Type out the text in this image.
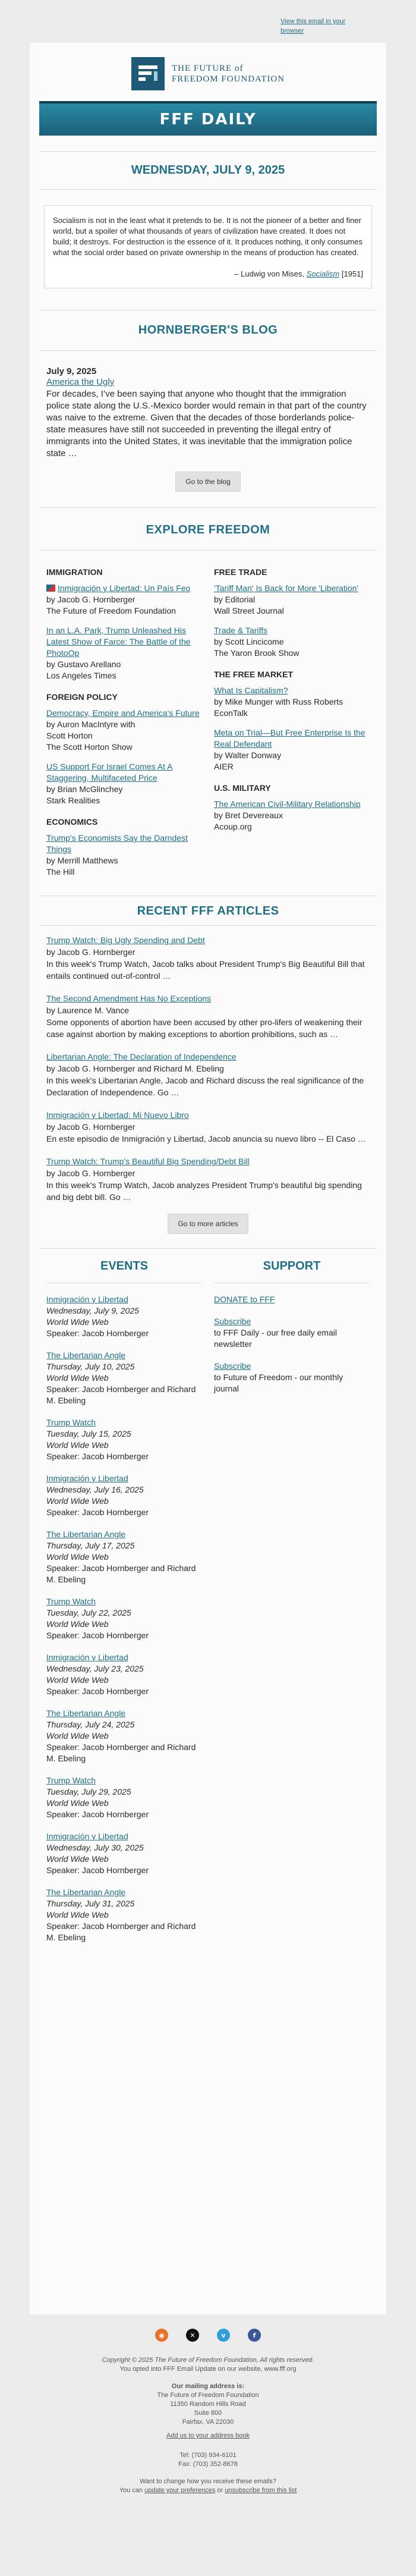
View this email in your browser
THE FUTURE of
FREEDOM FOUNDATION
FFF DAILY
WEDNESDAY, JULY 9, 2025
Socialism is not in the least what it pretends to be. It is not the pioneer of a better and finer world, but a spoiler of what thousands of years of civilization have created. It does not build; it destroys. For destruction is the essence of it. It produces nothing, it only consumes what the social order based on private ownership in the means of production has created.
– Ludwig von Mises, Socialism [1951]
HORNBERGER'S BLOG
July 9, 2025
America the Ugly
For decades, I’ve been saying that anyone who thought that the immigration police state along the U.S.-Mexico border would remain in that part of the country was naive to the extreme. Given that the decades of those borderlands police-state measures have still not succeeded in preventing the illegal entry of immigrants into the United States, it was inevitable that the immigration police state …
Go to the blog
EXPLORE FREEDOM
IMMIGRATION
Inmigración y Libertad: Un País Feo
by Jacob G. Hornberger
The Future of Freedom Foundation
In an L.A. Park, Trump Unleashed His Latest Show of Farce: The Battle of the PhotoOp
by Gustavo Arellano
Los Angeles Times
FOREIGN POLICY
Democracy, Empire and America's Future
by Auron MacIntyre with
Scott Horton
The Scott Horton Show
US Support For Israel Comes At A Staggering, Multifaceted Price
by Brian McGlinchey
Stark Realities
ECONOMICS
Trump's Economists Say the Darndest Things
by Merrill Matthews
The Hill
FREE TRADE
'Tariff Man' Is Back for More 'Liberation'
by Editorial
Wall Street Journal
Trade & Tariffs
by Scott Lincicome
The Yaron Brook Show
THE FREE MARKET
What Is Capitalism?
by Mike Munger with Russ Roberts
EconTalk
Meta on Trial—But Free Enterprise Is the Real Defendant
by Walter Donway
AIER
U.S. MILITARY
The American Civil-Military Relationship
by Bret Devereaux
Acoup.org
RECENT FFF ARTICLES
Trump Watch: Big Ugly Spending and Debt
by Jacob G. Hornberger
In this week's Trump Watch, Jacob talks about President Trump's Big Beautiful Bill that entails continued out-of-control …
The Second Amendment Has No Exceptions
by Laurence M. Vance
Some opponents of abortion have been accused by other pro-lifers of weakening their case against abortion by making exceptions to abortion prohibitions, such as …
Libertarian Angle: The Declaration of Independence
by Jacob G. Hornberger and Richard M. Ebeling
In this week's Libertarian Angle, Jacob and Richard discuss the real significance of the Declaration of Independence. Go …
Inmigración y Libertad: Mi Nuevo Libro
by Jacob G. Hornberger
En este episodio de Inmigración y Libertad, Jacob anuncia su nuevo libro -- El Caso …
Trump Watch: Trump's Beautiful Big Spending/Debt Bill
by Jacob G. Hornberger
In this week's Trump Watch, Jacob analyzes President Trump's beautiful big spending and big debt bill. Go …
Go to more articles
EVENTS
Inmigración y Libertad
Wednesday, July 9, 2025
World Wide Web
Speaker: Jacob Hornberger
The Libertarian Angle
Thursday, July 10, 2025
World Wide Web
Speaker: Jacob Hornberger and Richard M. Ebeling
Trump Watch
Tuesday, July 15, 2025
World Wide Web
Speaker: Jacob Hornberger
Inmigración y Libertad
Wednesday, July 16, 2025
World Wide Web
Speaker: Jacob Hornberger
The Libertarian Angle
Thursday, July 17, 2025
World Wide Web
Speaker: Jacob Hornberger and Richard M. Ebeling
Trump Watch
Tuesday, July 22, 2025
World Wide Web
Speaker: Jacob Hornberger
Inmigración y Libertad
Wednesday, July 23, 2025
World Wide Web
Speaker: Jacob Hornberger
The Libertarian Angle
Thursday, July 24, 2025
World Wide Web
Speaker: Jacob Hornberger and Richard M. Ebeling
Trump Watch
Tuesday, July 29, 2025
World Wide Web
Speaker: Jacob Hornberger
Inmigración y Libertad
Wednesday, July 30, 2025
World Wide Web
Speaker: Jacob Hornberger
The Libertarian Angle
Thursday, July 31, 2025
World Wide Web
Speaker: Jacob Hornberger and Richard M. Ebeling
SUPPORT
DONATE to FFF
Subscribe
to FFF Daily - our free daily email newsletter
Subscribe
to Future of Freedom - our monthly journal
◉	✕	v	f
Copyright © 2025 The Future of Freedom Foundation, All rights reserved.
You opted into FFF Email Update on our website, www.fff.org
Our mailing address is:
The Future of Freedom Foundation
11350 Random Hills Road
Suite 800
Fairfax, VA 22030
Add us to your address book
Tel: (703) 934-6101
Fax: (703) 352-8678
Want to change how you receive these emails?
You can update your preferences or unsubscribe from this list
